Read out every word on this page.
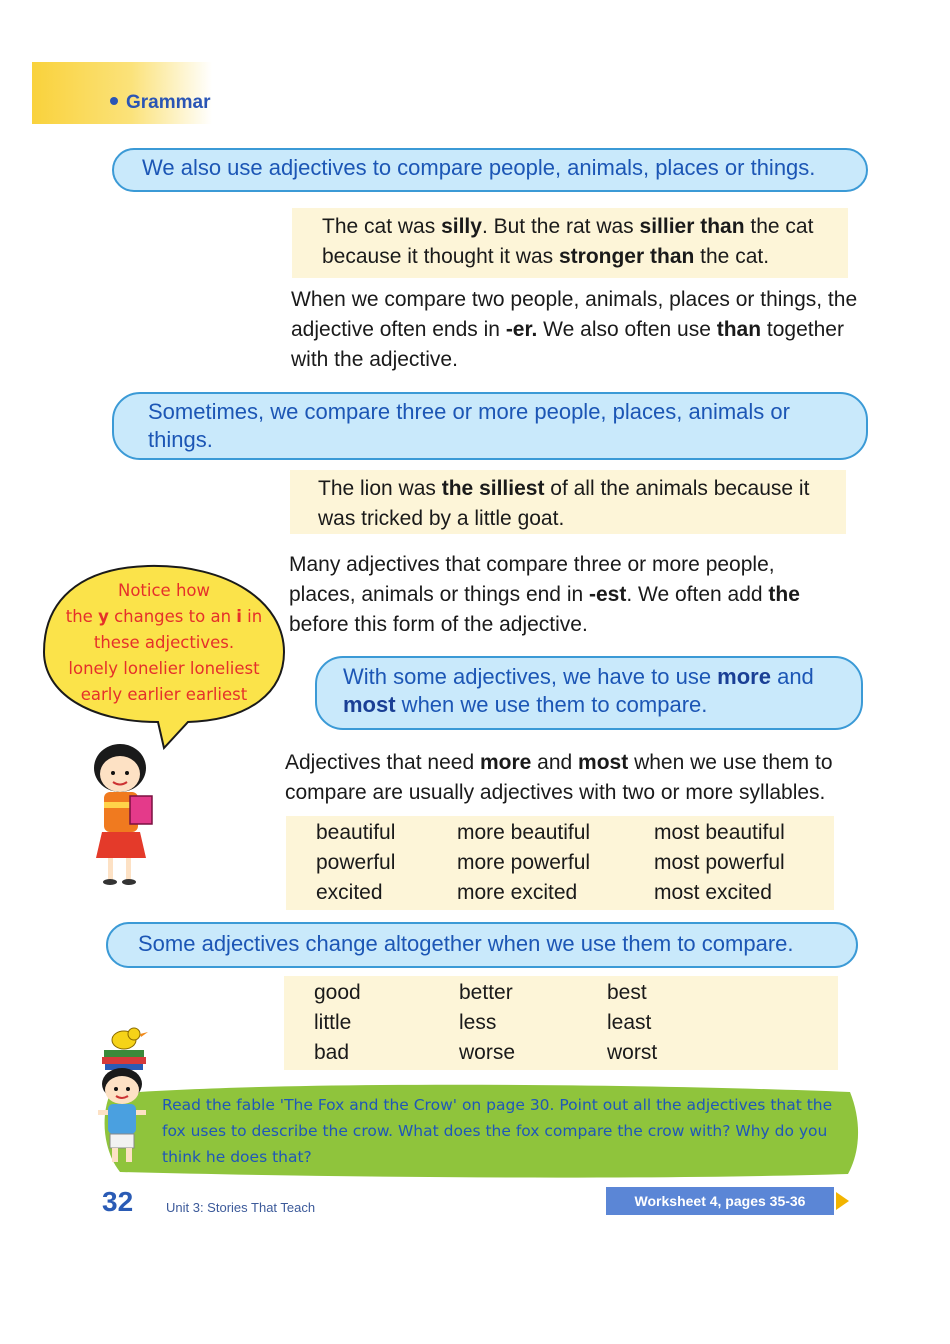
Grammar
We also use adjectives to compare people, animals, places or things.
The cat was silly. But the rat was sillier than the cat because it thought it was stronger than the cat.
When we compare two people, animals, places or things, the adjective often ends in -er. We also often use than together with the adjective.
Sometimes, we compare three or more people, places, animals or things.
The lion was the silliest of all the animals because it was tricked by a little goat.
Many adjectives that compare three or more people, places, animals or things end in -est. We often add the before this form of the adjective.
Notice how
the y changes to an i in
these adjectives.
lonely lonelier loneliest
early earlier earliest
With some adjectives, we have to use more and most when we use them to compare.
Adjectives that need more and most when we use them to compare are usually adjectives with two or more syllables.
beautiful	more beautiful	most beautiful
powerful	more powerful	most powerful
excited	more excited	most excited
Some adjectives change altogether when we use them to compare.
good	better	best
little	less	least
bad	worse	worst
Read the fable 'The Fox and the Crow' on page 30. Point out all the adjectives that the fox uses to describe the crow. What does the fox compare the crow with? Why do you think he does that?
32	Unit 3: Stories That Teach	Worksheet 4, pages 35-36
